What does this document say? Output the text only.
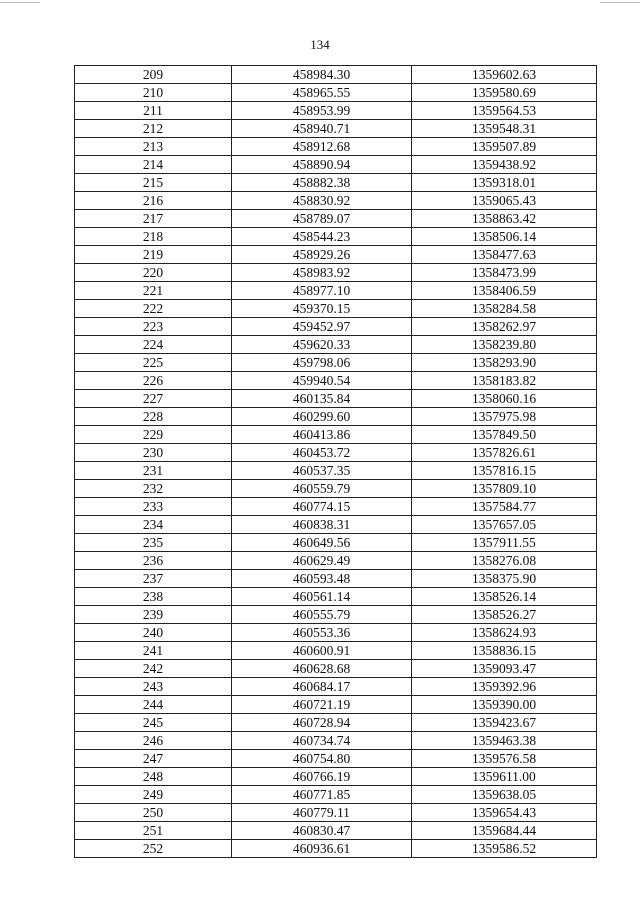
134
209	458984.30	1359602.63
210	458965.55	1359580.69
211	458953.99	1359564.53
212	458940.71	1359548.31
213	458912.68	1359507.89
214	458890.94	1359438.92
215	458882.38	1359318.01
216	458830.92	1359065.43
217	458789.07	1358863.42
218	458544.23	1358506.14
219	458929.26	1358477.63
220	458983.92	1358473.99
221	458977.10	1358406.59
222	459370.15	1358284.58
223	459452.97	1358262.97
224	459620.33	1358239.80
225	459798.06	1358293.90
226	459940.54	1358183.82
227	460135.84	1358060.16
228	460299.60	1357975.98
229	460413.86	1357849.50
230	460453.72	1357826.61
231	460537.35	1357816.15
232	460559.79	1357809.10
233	460774.15	1357584.77
234	460838.31	1357657.05
235	460649.56	1357911.55
236	460629.49	1358276.08
237	460593.48	1358375.90
238	460561.14	1358526.14
239	460555.79	1358526.27
240	460553.36	1358624.93
241	460600.91	1358836.15
242	460628.68	1359093.47
243	460684.17	1359392.96
244	460721.19	1359390.00
245	460728.94	1359423.67
246	460734.74	1359463.38
247	460754.80	1359576.58
248	460766.19	1359611.00
249	460771.85	1359638.05
250	460779.11	1359654.43
251	460830.47	1359684.44
252	460936.61	1359586.52
